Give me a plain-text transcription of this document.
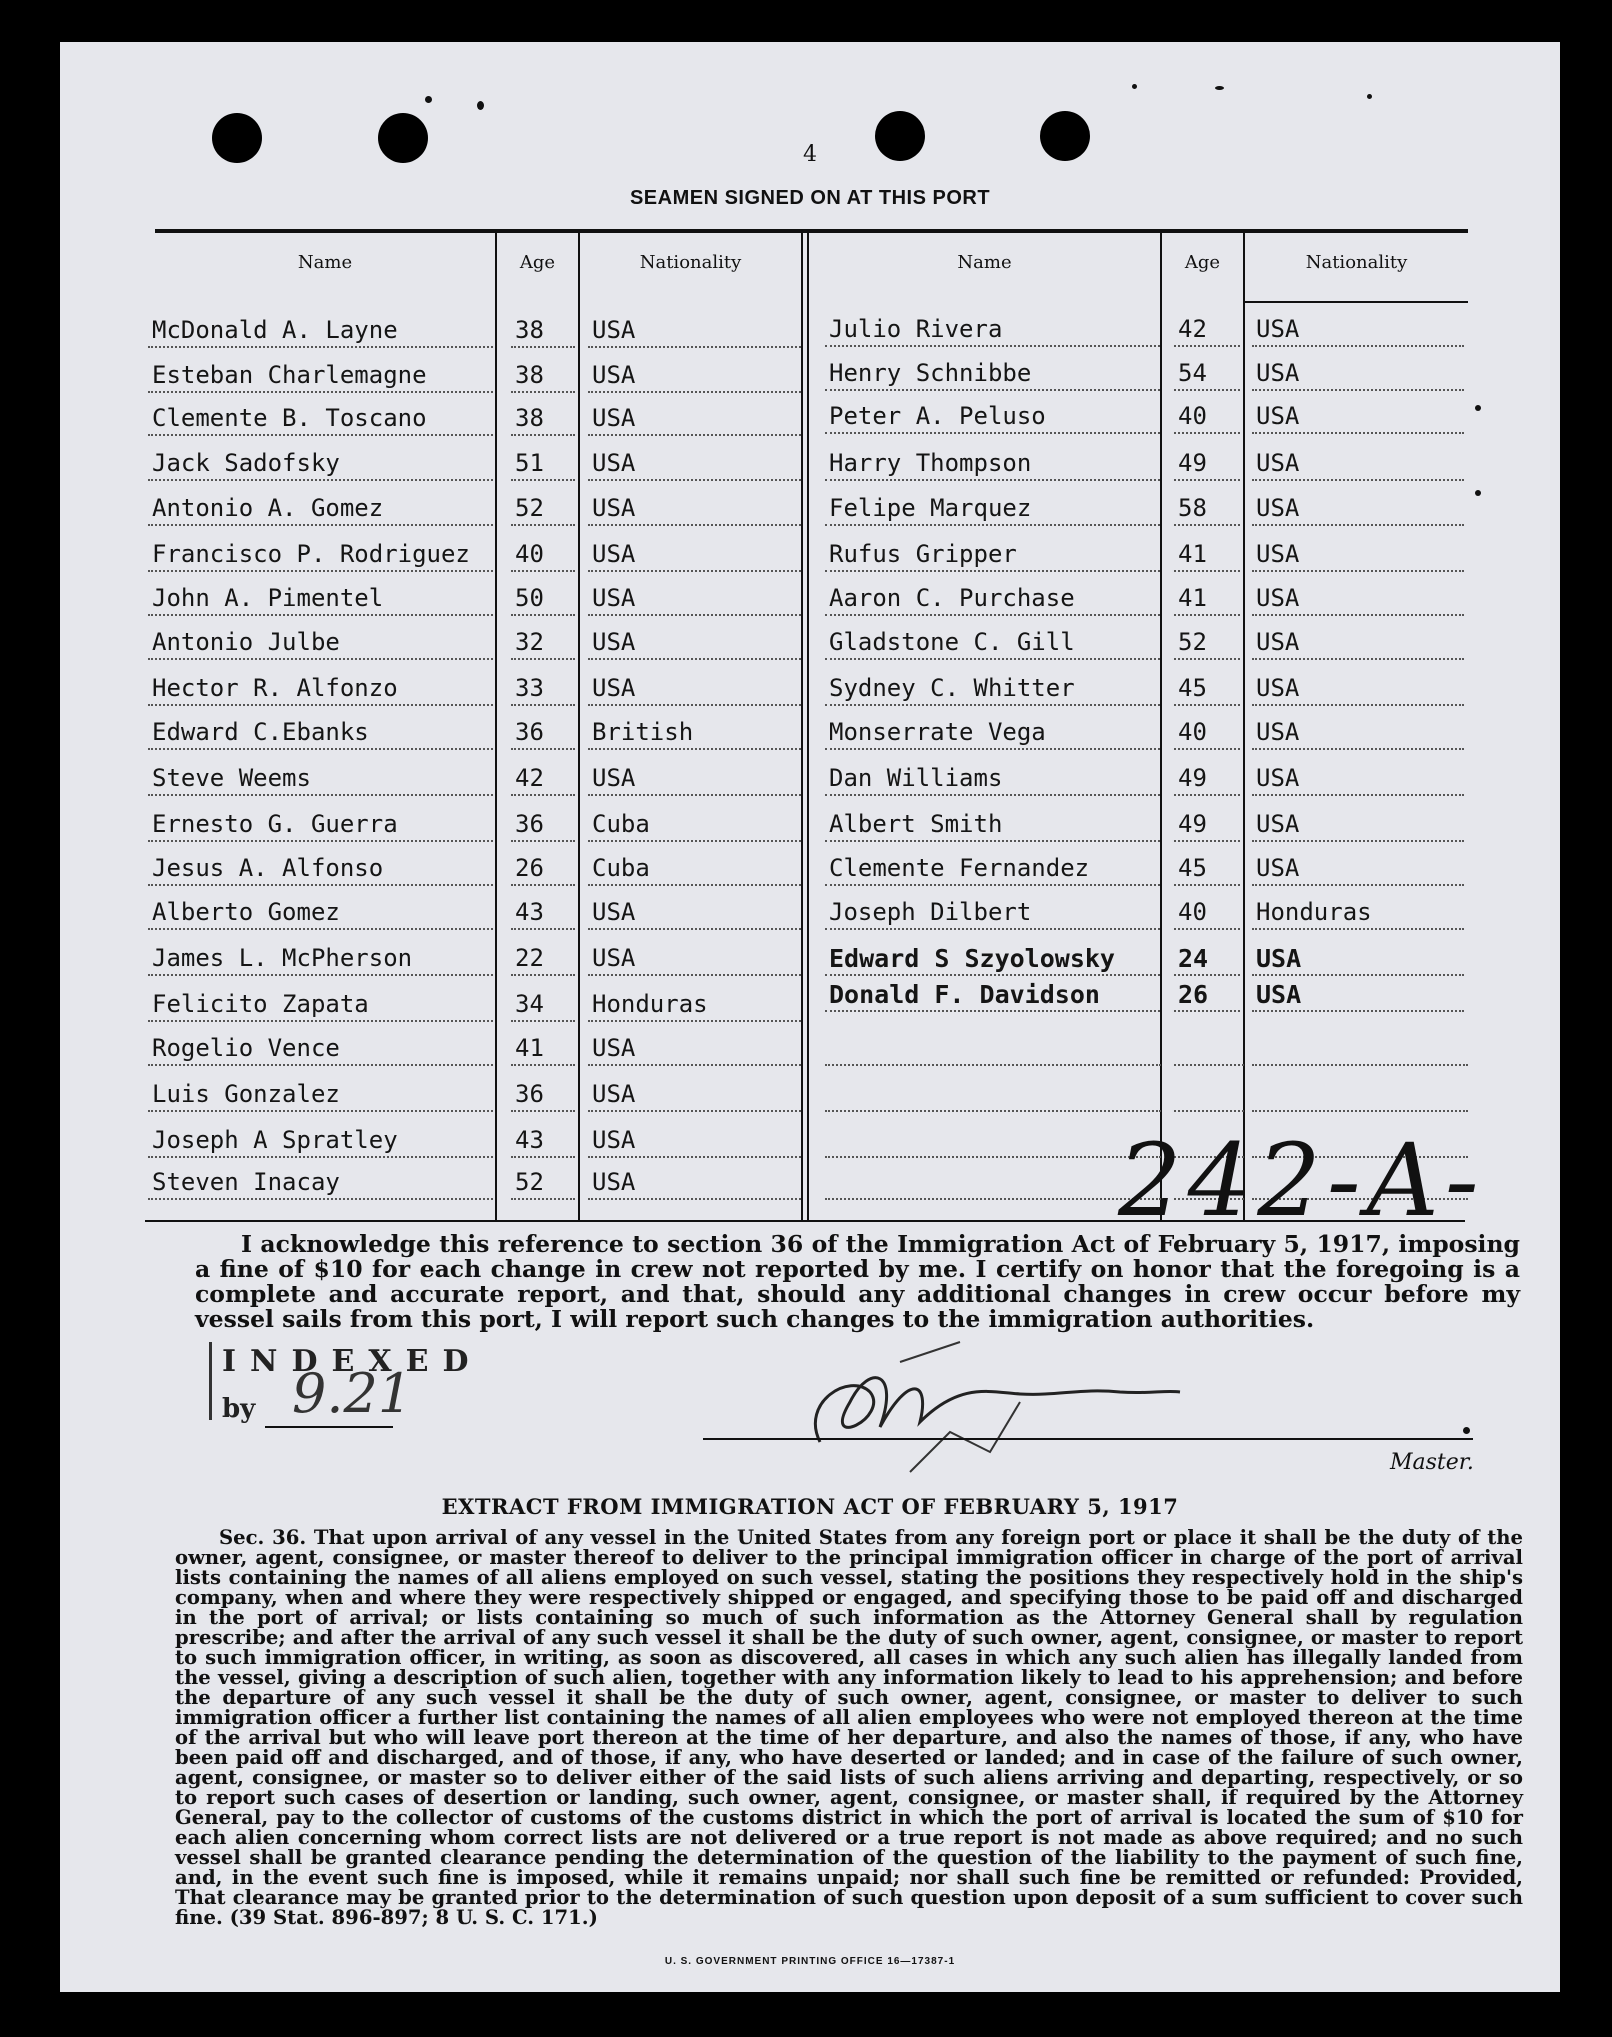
4
SEAMEN SIGNED ON AT THIS PORT
Name	Age	Nationality	Name	Age	Nationality
McDonald A. Layne	38 USA
Esteban Charlemagne	38 USA
Clemente B. Toscano	38 USA
Jack Sadofsky	51 USA
Antonio A. Gomez	52 USA
Francisco P. Rodriguez 40 USA
John A. Pimentel	50 USA
Antonio Julbe	32 USA
Hector R. Alfonzo	33 USA
Edward C.Ebanks	36 British
Steve Weems	42 USA
Ernesto G. Guerra	36 Cuba
Jesus A. Alfonso	26 Cuba
Alberto Gomez	43 USA
James L. McPherson	22 USA
Felicito Zapata	34 Honduras
Rogelio Vence	41 USA
Luis Gonzalez	36 USA
Joseph A Spratley	43 USA
Steven Inacay	52 USA
Julio Rivera	42 USA
Henry Schnibbe	54 USA
Peter A. Peluso	40 USA
Harry Thompson	49 USA
Felipe Marquez	58 USA
Rufus Gripper	41 USA
Aaron C. Purchase	41 USA
Gladstone C. Gill	52 USA
Sydney C. Whitter	45 USA
Monserrate Vega	40 USA
Dan Williams	49 USA
Albert Smith	49 USA
Clemente Fernandez	45 USA
Joseph Dilbert	40 Honduras
Edward S Szyolowsky	24 USA
Donald F. Davidson	26 USA
242-A-
I acknowledge this reference to section 36 of the Immigration Act of February 5, 1917, imposing a fine of $10 for each change in crew not reported by me. I certify on honor that the foregoing is a complete and accurate report, and that, should any additional changes in crew occur before my vessel sails from this port, I will report such changes to the immigration authorities.
INDEXED
by 9.21
Master.
EXTRACT FROM IMMIGRATION ACT OF FEBRUARY 5, 1917
Sec. 36. That upon arrival of any vessel in the United States from any foreign port or place it shall be the duty of the owner, agent, consignee, or master thereof to deliver to the principal immigration officer in charge of the port of arrival lists containing the names of all aliens employed on such vessel, stating the positions they respectively hold in the ship's company, when and where they were respectively shipped or engaged, and specifying those to be paid off and discharged in the port of arrival; or lists containing so much of such information as the Attorney General shall by regulation prescribe; and after the arrival of any such vessel it shall be the duty of such owner, agent, consignee, or master to report to such immigration officer, in writing, as soon as discovered, all cases in which any such alien has illegally landed from the vessel, giving a description of such alien, together with any information likely to lead to his apprehension; and before the departure of any such vessel it shall be the duty of such owner, agent, consignee, or master to deliver to such immigration officer a further list containing the names of all alien employees who were not employed thereon at the time of the arrival but who will leave port thereon at the time of her departure, and also the names of those, if any, who have been paid off and discharged, and of those, if any, who have deserted or landed; and in case of the failure of such owner, agent, consignee, or master so to deliver either of the said lists of such aliens arriving and departing, respectively, or so to report such cases of desertion or landing, such owner, agent, consignee, or master shall, if required by the Attorney General, pay to the collector of customs of the customs district in which the port of arrival is located the sum of $10 for each alien concerning whom correct lists are not delivered or a true report is not made as above required; and no such vessel shall be granted clearance pending the determination of the question of the liability to the payment of such fine, and, in the event such fine is imposed, while it remains unpaid; nor shall such fine be remitted or refunded: Provided, That clearance may be granted prior to the determination of such question upon deposit of a sum sufficient to cover such fine. (39 Stat. 896-897; 8 U. S. C. 171.)
U. S. GOVERNMENT PRINTING OFFICE 16—17387-1
